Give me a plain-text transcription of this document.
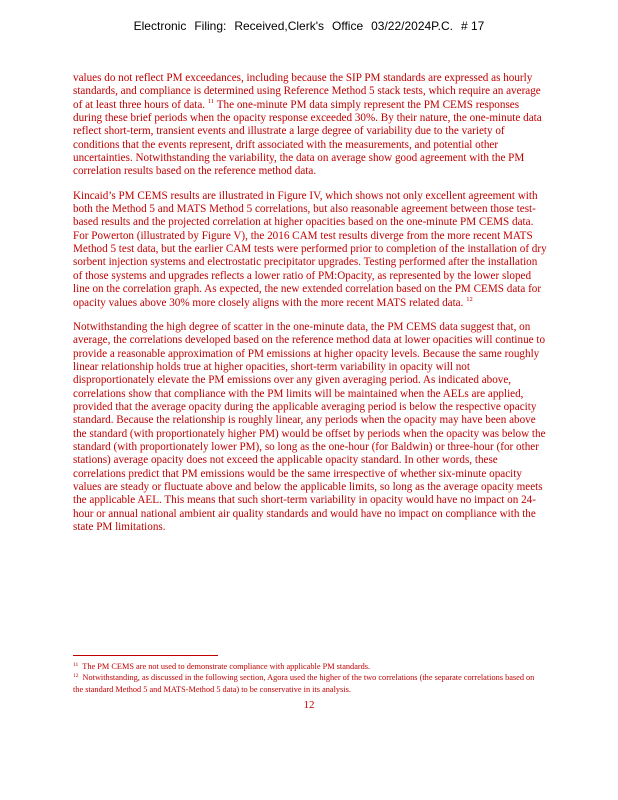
Electronic Filing: Received,Clerk's Office 03/22/2024P.C. # 17

values do not reflect PM exceedances, including because the SIP PM standards are expressed as hourly standards, and compliance is determined using Reference Method 5 stack tests, which require an average of at least three hours of data. $^{11}$ The one-minute PM data simply represent the PM CEMS responses during these brief periods when the opacity response exceeded 30%. By their nature, the one-minute data reflect short-term, transient events and illustrate a large degree of variability due to the variety of conditions that the events represent, drift associated with the measurements, and potential other uncertainties. Notwithstanding the variability, the data on average show good agreement with the PM correlation results based on the reference method data.

Kincaid’s PM CEMS results are illustrated in Figure IV, which shows not only excellent agreement with both the Method 5 and MATS Method 5 correlations, but also reasonable agreement between those test-based results and the projected correlation at higher opacities based on the one-minute PM CEMS data. For Powerton (illustrated by Figure V), the 2016 CAM test results diverge from the more recent MATS Method 5 test data, but the earlier CAM tests were performed prior to completion of the installation of dry sorbent injection systems and electrostatic precipitator upgrades. Testing performed after the installation of those systems and upgrades reflects a lower ratio of PM:Opacity, as represented by the lower sloped line on the correlation graph. As expected, the new extended correlation based on the PM CEMS data for opacity values above 30% more closely aligns with the more recent MATS related data. $^{12}$

Notwithstanding the high degree of scatter in the one-minute data, the PM CEMS data suggest that, on average, the correlations developed based on the reference method data at lower opacities will continue to provide a reasonable approximation of PM emissions at higher opacity levels. Because the same roughly linear relationship holds true at higher opacities, short-term variability in opacity will not disproportionately elevate the PM emissions over any given averaging period. As indicated above, correlations show that compliance with the PM limits will be maintained when the AELs are applied, provided that the average opacity during the applicable averaging period is below the respective opacity standard. Because the relationship is roughly linear, any periods when the opacity may have been above the standard (with proportionately higher PM) would be offset by periods when the opacity was below the standard (with proportionately lower PM), so long as the one-hour (for Baldwin) or three-hour (for other stations) average opacity does not exceed the applicable opacity standard. In other words, these correlations predict that PM emissions would be the same irrespective of whether six-minute opacity values are steady or fluctuate above and below the applicable limits, so long as the average opacity meets the applicable AEL. This means that such short-term variability in opacity would have no impact on 24-hour or annual national ambient air quality standards and would have no impact on compliance with the state PM limitations.

$^{11}$ The PM CEMS are not used to demonstrate compliance with applicable PM standards.

$^{12}$ Notwithstanding, as discussed in the following section, Agora used the higher of the two correlations (the separate correlations based on the standard Method 5 and MATS-Method 5 data) to be conservative in its analysis.

12
